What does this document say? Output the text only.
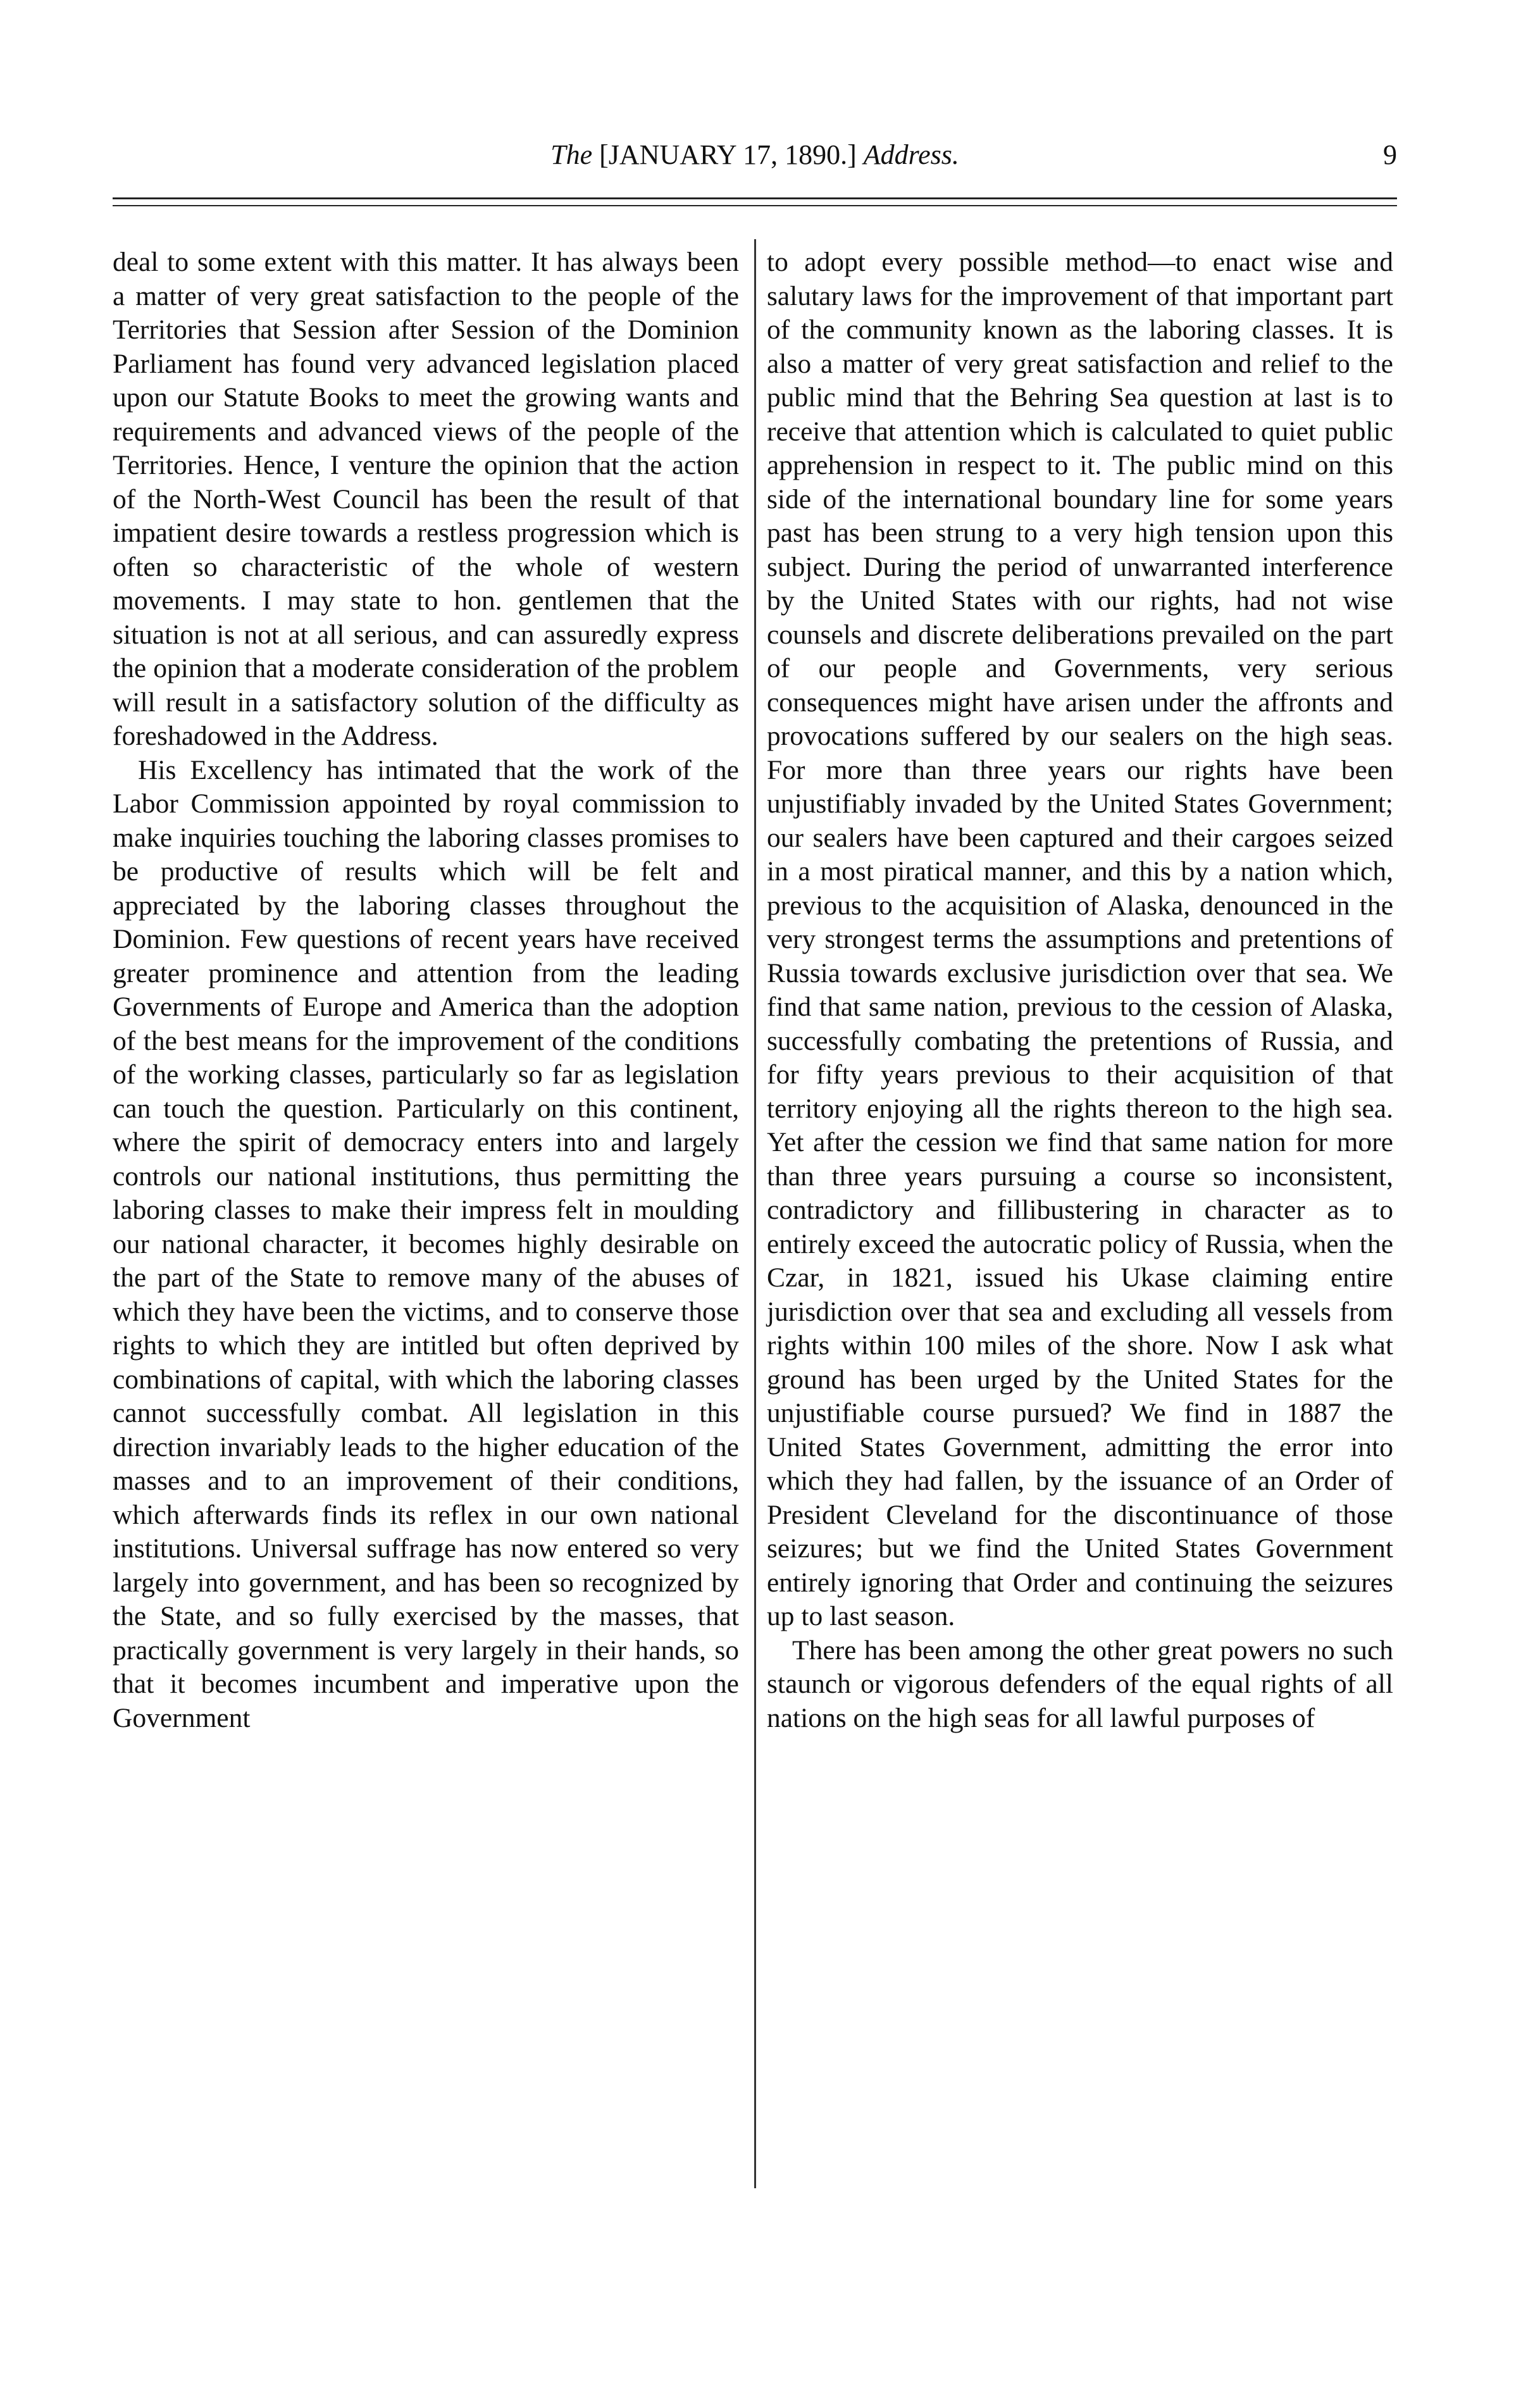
The [JANUARY 17, 1890.] Address.	9

deal to some extent with this matter. It has always been a matter of very great satisfaction to the people of the Territories that Session after Session of the Dominion Parliament has found very advanced legislation placed upon our Statute Books to meet the growing wants and requirements and advanced views of the people of the Territories. Hence, I venture the opinion that the action of the North-West Council has been the result of that impatient desire towards a restless progression which is often so characteristic of the whole of western movements. I may state to hon. gentlemen that the situation is not at all serious, and can assuredly express the opinion that a moderate consideration of the problem will result in a satisfactory solution of the difficulty as foreshadowed in the Address.

His Excellency has intimated that the work of the Labor Commission appointed by royal commission to make inquiries touching the laboring classes promises to be productive of results which will be felt and appreciated by the laboring classes throughout the Dominion. Few questions of recent years have received greater prominence and attention from the leading Governments of Europe and America than the adoption of the best means for the improvement of the conditions of the working classes, particularly so far as legislation can touch the question. Particularly on this continent, where the spirit of democracy enters into and largely controls our national institutions, thus permitting the laboring classes to make their impress felt in moulding our national character, it becomes highly desirable on the part of the State to remove many of the abuses of which they have been the victims, and to conserve those rights to which they are intitled but often deprived by combinations of capital, with which the laboring classes cannot successfully combat. All legislation in this direction invariably leads to the higher education of the masses and to an improvement of their conditions, which afterwards finds its reflex in our own national institutions. Universal suffrage has now entered so very largely into government, and has been so recognized by the State, and so fully exercised by the masses, that practically government is very largely in their hands, so that it becomes incumbent and imperative upon the Government

to adopt every possible method—to enact wise and salutary laws for the improvement of that important part of the community known as the laboring classes. It is also a matter of very great satisfaction and relief to the public mind that the Behring Sea question at last is to receive that attention which is calculated to quiet public apprehension in respect to it. The public mind on this side of the international boundary line for some years past has been strung to a very high tension upon this subject. During the period of unwarranted interference by the United States with our rights, had not wise counsels and discrete deliberations prevailed on the part of our people and Governments, very serious consequences might have arisen under the affronts and provocations suffered by our sealers on the high seas. For more than three years our rights have been unjustifiably invaded by the United States Government; our sealers have been captured and their cargoes seized in a most piratical manner, and this by a nation which, previous to the acquisition of Alaska, denounced in the very strongest terms the assumptions and pretentions of Russia towards exclusive jurisdiction over that sea. We find that same nation, previous to the cession of Alaska, successfully combating the pretentions of Russia, and for fifty years previous to their acquisition of that territory enjoying all the rights thereon to the high sea. Yet after the cession we find that same nation for more than three years pursuing a course so inconsistent, contradictory and fillibustering in character as to entirely exceed the autocratic policy of Russia, when the Czar, in 1821, issued his Ukase claiming entire jurisdiction over that sea and excluding all vessels from rights within 100 miles of the shore. Now I ask what ground has been urged by the United States for the unjustifiable course pursued? We find in 1887 the United States Government, admitting the error into which they had fallen, by the issuance of an Order of President Cleveland for the discontinuance of those seizures; but we find the United States Government entirely ignoring that Order and continuing the seizures up to last season.

There has been among the other great powers no such staunch or vigorous defenders of the equal rights of all nations on the high seas for all lawful purposes of
